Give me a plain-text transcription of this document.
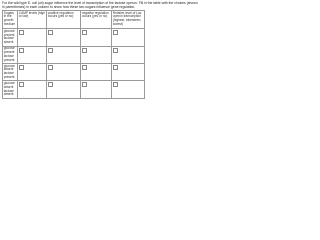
For the wild type E. coli (wt) sugar influence the level of transcription of the lactose operon. Fill in the table with the choices (shown in parentheses) in each column to show how these two sugars influence gene regulation.
Sugars in the growth medium	CAMP levels (high or low)	positive regulation occurs (yes or no)	negative regulation occurs (yes or no)	Relative level of Lac operon transcription (highest, inbetween, lowest)
glucose present lactose absent				
glucose present lactose present				
glucose absent lactose present				
glucose absent lactose absent				
